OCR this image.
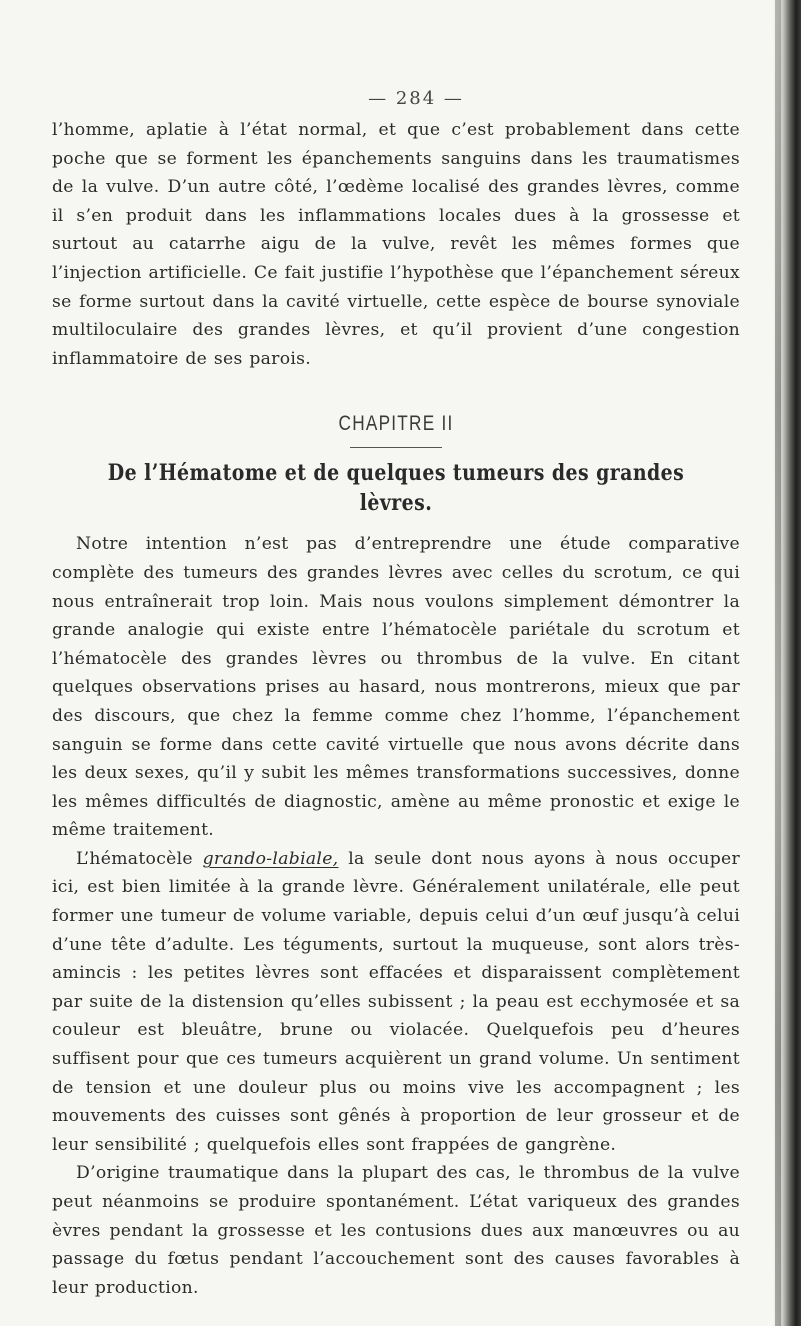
— 284 —

l’homme, aplatie à l’état normal, et que c’est probablement dans cette poche que se forment les épanchements sanguins dans les traumatismes de la vulve. D’un autre côté, l’œdème localisé des grandes lèvres, comme il s’en produit dans les inflammations locales dues à la grossesse et surtout au catarrhe aigu de la vulve, revêt les mêmes formes que l’injection artificielle. Ce fait justifie l’hypothèse que l’épanchement séreux se forme surtout dans la cavité virtuelle, cette espèce de bourse synoviale multiloculaire des grandes lèvres, et qu’il provient d’une congestion inflammatoire de ses parois.

CHAPITRE II
De l’Hématome et de quelques tumeurs des grandes lèvres.

Notre intention n’est pas d’entreprendre une étude comparative complète des tumeurs des grandes lèvres avec celles du scrotum, ce qui nous entraînerait trop loin. Mais nous voulons simplement démontrer la grande analogie qui existe entre l’hématocèle pariétale du scrotum et l’hématocèle des grandes lèvres ou thrombus de la vulve. En citant quelques observations prises au hasard, nous montrerons, mieux que par des discours, que chez la femme comme chez l’homme, l’épanchement sanguin se forme dans cette cavité virtuelle que nous avons décrite dans les deux sexes, qu’il y subit les mêmes transformations successives, donne les mêmes difficultés de diagnostic, amène au même pronostic et exige le même traitement.

L’hématocèle grando-labiale, la seule dont nous ayons à nous occuper ici, est bien limitée à la grande lèvre. Généralement unilatérale, elle peut former une tumeur de volume variable, depuis celui d’un œuf jusqu’à celui d’une tête d’adulte. Les téguments, surtout la muqueuse, sont alors très-amincis : les petites lèvres sont effacées et disparaissent complètement par suite de la distension qu’elles subissent ; la peau est ecchymosée et sa couleur est bleuâtre, brune ou violacée. Quelquefois peu d’heures suffisent pour que ces tumeurs acquièrent un grand volume. Un sentiment de tension et une douleur plus ou moins vive les accompagnent ; les mouvements des cuisses sont gênés à proportion de leur grosseur et de leur sensibilité ; quelquefois elles sont frappées de gangrène.

D’origine traumatique dans la plupart des cas, le thrombus de la vulve peut néanmoins se produire spontanément. L’état variqueux des grandes èvres pendant la grossesse et les contusions dues aux manœuvres ou au passage du fœtus pendant l’accouchement sont des causes favorables à leur production.
